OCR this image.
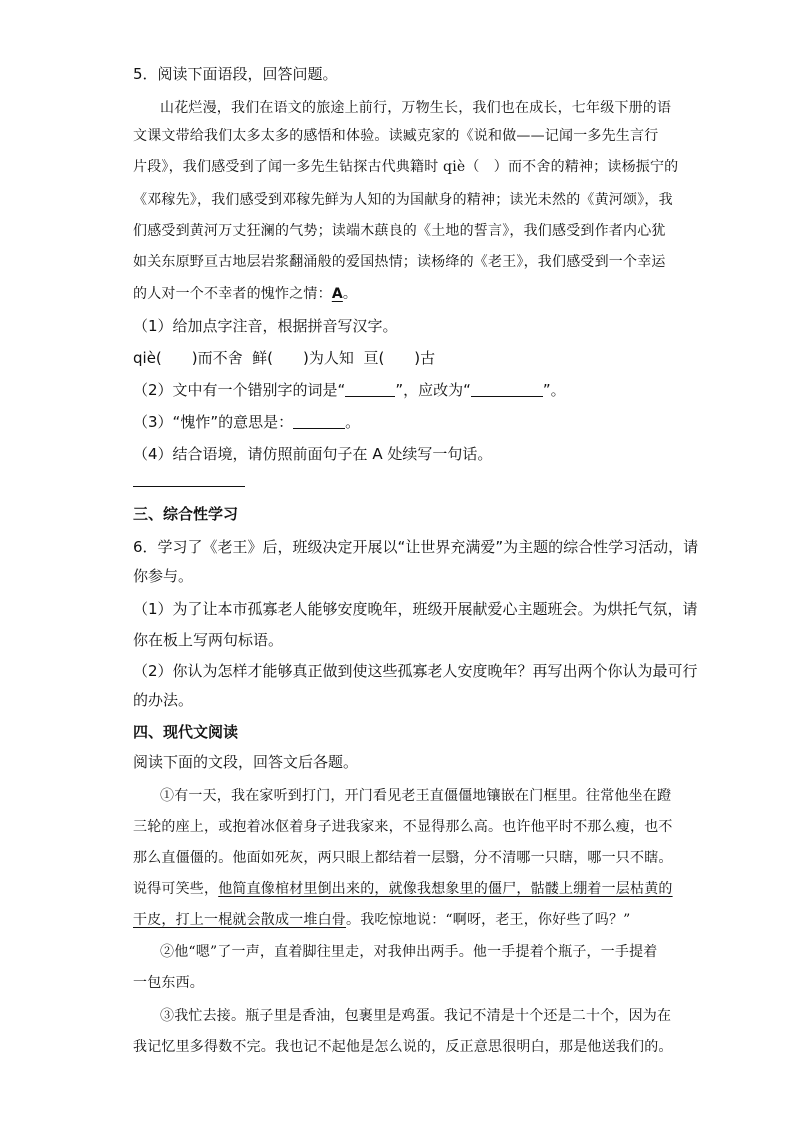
5．阅读下面语段，回答问题。
山花烂漫，我们在语文的旅途上前行，万物生长，我们也在成长，七年级下册的语
文课文带给我们太多太多的感悟和体验。读臧克家的《说和做——记闻一多先生言行
片段》，我们感受到了闻一多先生钻探古代典籍时 qiè（　）而不舍的精神；读杨振宁的
《邓稼先》，我们感受到邓稼先鲜为人知的为国献身的精神；读光未然的《黄河颂》，我
们感受到黄河万丈狂澜的气势；读端木蕻良的《土地的誓言》，我们感受到作者内心犹
如关东原野亘古地层岩浆翻涌般的爱国热情；读杨绛的《老王》，我们感受到一个幸运
的人对一个不幸者的愧怍之情：A。
（1）给加点字注音，根据拼音写汉字。
qiè(　　)而不舍 鲜(　　)为人知 亘(　　)古
（2）文中有一个错别字的词是“	”，应改为“	”。
（3）“愧怍”的意思是：	。
（4）结合语境，请仿照前面句子在 A 处续写一句话。
三、综合性学习
6．学习了《老王》后，班级决定开展以“让世界充满爱”为主题的综合性学习活动，请
你参与。
（1）为了让本市孤寡老人能够安度晚年，班级开展献爱心主题班会。为烘托气氛，请
你在板上写两句标语。
（2）你认为怎样才能够真正做到使这些孤寡老人安度晚年？再写出两个你认为最可行
的办法。
四、现代文阅读
阅读下面的文段，回答文后各题。
①有一天，我在家听到打门，开门看见老王直僵僵地镶嵌在门框里。往常他坐在蹬
三轮的座上，或抱着冰伛着身子进我家来，不显得那么高。也许他平时不那么瘦，也不
那么直僵僵的。他面如死灰，两只眼上都结着一层翳，分不清哪一只瞎，哪一只不瞎。
说得可笑些，他简直像棺材里倒出来的，就像我想象里的僵尸，骷髅上绷着一层枯黄的
干皮，打上一棍就会散成一堆白骨。我吃惊地说：“啊呀，老王，你好些了吗？”
②他“嗯”了一声，直着脚往里走，对我伸出两手。他一手提着个瓶子，一手提着
一包东西。
③我忙去接。瓶子里是香油，包裹里是鸡蛋。我记不清是十个还是二十个，因为在
我记忆里多得数不完。我也记不起他是怎么说的，反正意思很明白，那是他送我们的。
